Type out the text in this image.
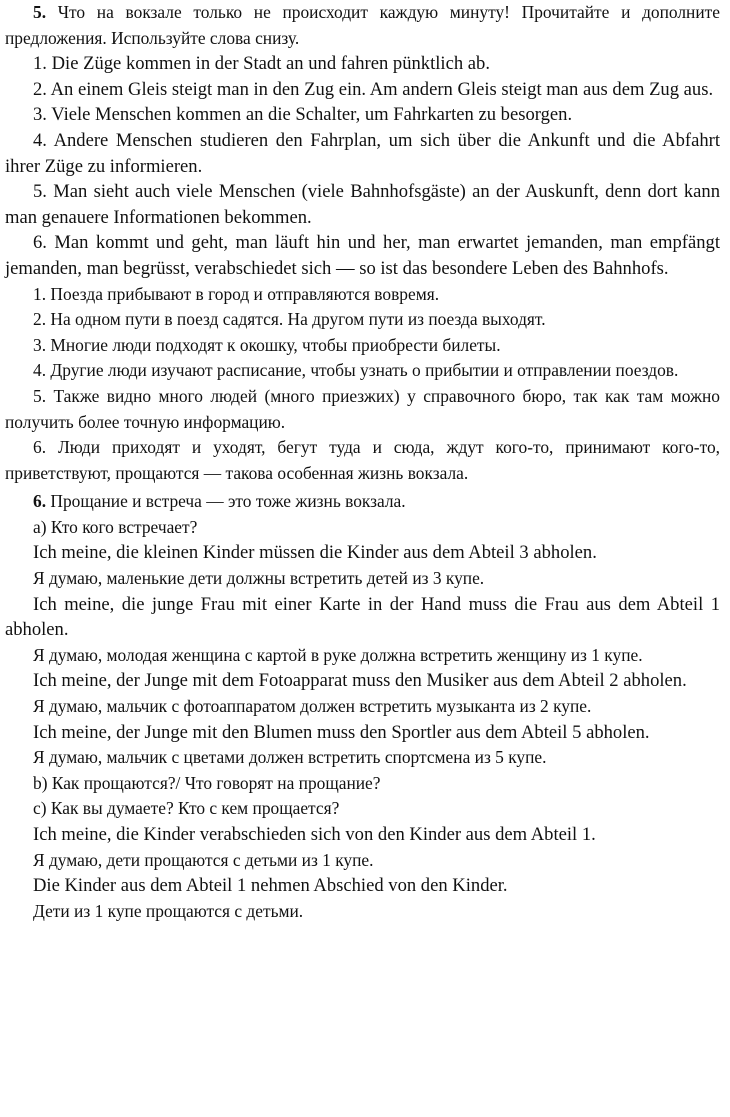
5. Что на вокзале только не происходит каждую минуту! Прочитайте и дополните предложения. Используйте слова снизу.

1. Die Züge kommen in der Stadt an und fahren pünktlich ab.

2. An einem Gleis steigt man in den Zug ein. Am andern Gleis steigt man aus dem Zug aus.

3. Viele Menschen kommen an die Schalter, um Fahrkarten zu besorgen.

4. Andere Menschen studieren den Fahrplan, um sich über die Ankunft und die Abfahrt ihrer Züge zu informieren.

5. Man sieht auch viele Menschen (viele Bahnhofsgäste) an der Auskunft, denn dort kann man genauere Informationen bekommen.

6. Man kommt und geht, man läuft hin und her, man erwartet jemanden, man empfängt jemanden, man begrüsst, verabschiedet sich — so ist das besondere Leben des Bahnhofs.

1. Поезда прибывают в город и отправляются вовремя.

2. На одном пути в поезд садятся. На другом пути из поезда выходят.

3. Многие люди подходят к окошку, чтобы приобрести билеты.

4. Другие люди изучают расписание, чтобы узнать о прибытии и отправлении поездов.

5. Также видно много людей (много приезжих) у справочного бюро, так как там можно получить более точную информацию.

6. Люди приходят и уходят, бегут туда и сюда, ждут кого-то, принимают кого-то, приветствуют, прощаются — такова особенная жизнь вокзала.

6. Прощание и встреча — это тоже жизнь вокзала.

а) Кто кого встречает?

Ich meine, die kleinen Kinder müssen die Kinder aus dem Abteil 3 abholen.

Я думаю, маленькие дети должны встретить детей из 3 купе.

Ich meine, die junge Frau mit einer Karte in der Hand muss die Frau aus dem Abteil 1 abholen.

Я думаю, молодая женщина с картой в руке должна встретить женщину из 1 купе.

Ich meine, der Junge mit dem Fotoapparat muss den Musiker aus dem Abteil 2 abholen.

Я думаю, мальчик с фотоаппаратом должен встретить музыканта из 2 купе.

Ich meine, der Junge mit den Blumen muss den Sportler aus dem Abteil 5 abholen.

Я думаю, мальчик с цветами должен встретить спортсмена из 5 купе.

b) Как прощаются?/ Что говорят на прощание?

c) Как вы думаете? Кто с кем прощается?

Ich meine, die Kinder verabschieden sich von den Kinder aus dem Abteil 1.

Я думаю, дети прощаются с детьми из 1 купе.

Die Kinder aus dem Abteil 1 nehmen Abschied von den Kinder.

Дети из 1 купе прощаются с детьми.
